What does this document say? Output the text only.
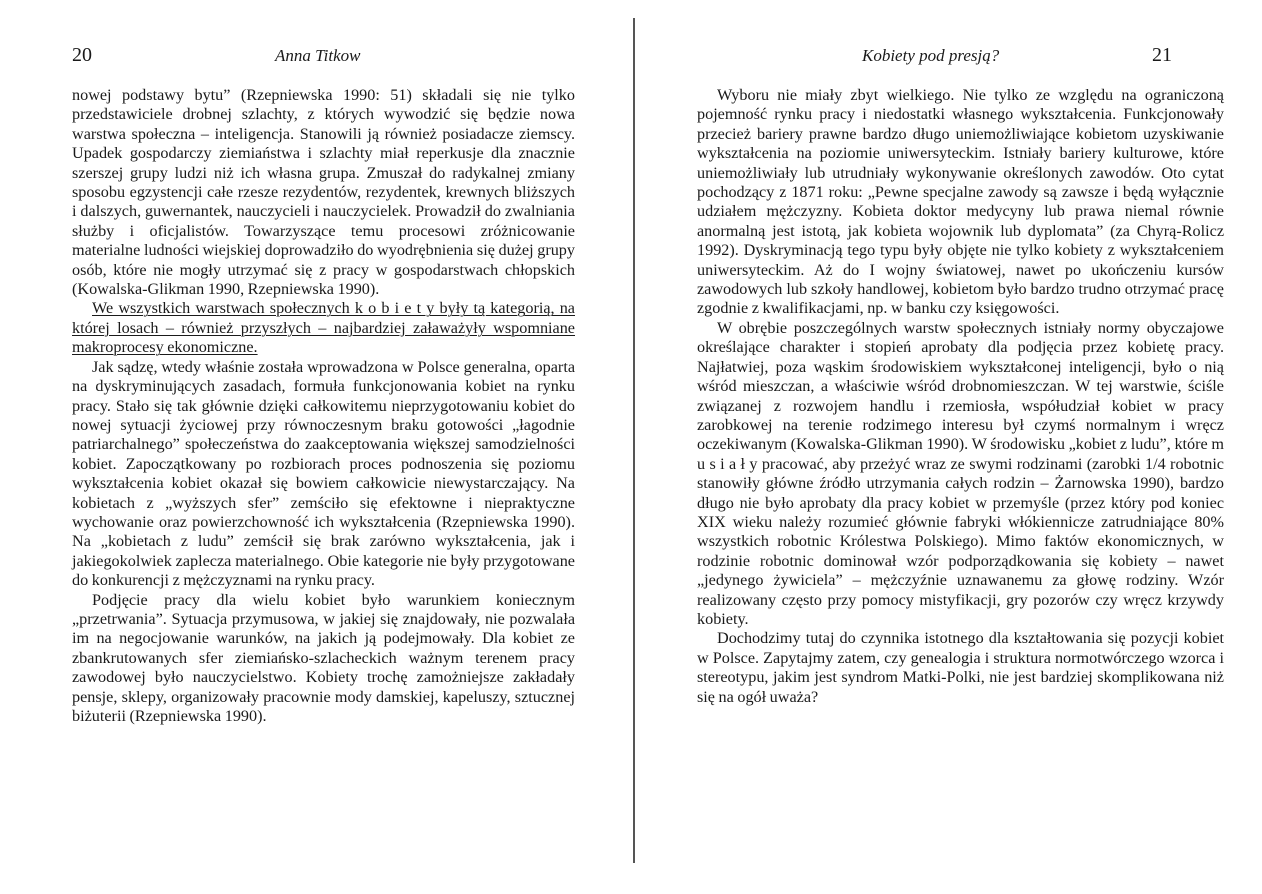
20	Anna Titkow

nowej podstawy bytu” (Rzepniewska 1990: 51) składali się nie tylko przedstawiciele drobnej szlachty, z których wywodzić się będzie nowa warstwa społeczna – inteligencja. Stanowili ją również posiadacze ziemscy. Upadek gospodarczy ziemiaństwa i szlachty miał reperkusje dla znacznie szerszej grupy ludzi niż ich własna grupa. Zmuszał do radykalnej zmiany sposobu egzystencji całe rzesze rezydentów, rezydentek, krewnych bliższych i dalszych, guwernantek, nauczycieli i nauczycielek. Prowadził do zwalniania służby i oficjalistów. Towarzyszące temu procesowi zróżnicowanie materialne ludności wiejskiej doprowadziło do wyodrębnienia się dużej grupy osób, które nie mogły utrzymać się z pracy w gospodarstwach chłopskich (Kowalska-Glikman 1990, Rzepniewska 1990).

We wszystkich warstwach społecznych k o b i e t y były tą kategorią, na której losach – również przyszłych – najbardziej załaważyły wspomniane makroprocesy ekonomiczne.

Jak sądzę, wtedy właśnie została wprowadzona w Polsce generalna, oparta na dyskryminujących zasadach, formuła funkcjonowania kobiet na rynku pracy. Stało się tak głównie dzięki całkowitemu nieprzygotowaniu kobiet do nowej sytuacji życiowej przy równoczesnym braku gotowości „łagodnie patriarchalnego” społeczeństwa do zaakceptowania większej samodzielności kobiet. Zapoczątkowany po rozbiorach proces podnoszenia się poziomu wykształcenia kobiet okazał się bowiem całkowicie niewystarczający. Na kobietach z „wyższych sfer” zemściło się efektowne i niepraktyczne wychowanie oraz powierzchowność ich wykształcenia (Rzepniewska 1990). Na „kobietach z ludu” zemścił się brak zarówno wykształcenia, jak i jakiegokolwiek zaplecza materialnego. Obie kategorie nie były przygotowane do konkurencji z mężczyznami na rynku pracy.

Podjęcie pracy dla wielu kobiet było warunkiem koniecznym „przetrwania”. Sytuacja przymusowa, w jakiej się znajdowały, nie pozwalała im na negocjowanie warunków, na jakich ją podejmowały. Dla kobiet ze zbankrutowanych sfer ziemiańsko-szlacheckich ważnym terenem pracy zawodowej było nauczycielstwo. Kobiety trochę zamożniejsze zakładały pensje, sklepy, organizowały pracownie mody damskiej, kapeluszy, sztucznej biżuterii (Rzepniewska 1990).

Kobiety pod presją?	21

Wyboru nie miały zbyt wielkiego. Nie tylko ze względu na ograniczoną pojemność rynku pracy i niedostatki własnego wykształcenia. Funkcjonowały przecież bariery prawne bardzo długo uniemożliwiające kobietom uzyskiwanie wykształcenia na poziomie uniwersyteckim. Istniały bariery kulturowe, które uniemożliwiały lub utrudniały wykonywanie określonych zawodów. Oto cytat pochodzący z 1871 roku: „Pewne specjalne zawody są zawsze i będą wyłącznie udziałem mężczyzny. Kobieta doktor medycyny lub prawa niemal równie anormalną jest istotą, jak kobieta wojownik lub dyplomata” (za Chyrą-Rolicz 1992). Dyskryminacją tego typu były objęte nie tylko kobiety z wykształceniem uniwersyteckim. Aż do I wojny światowej, nawet po ukończeniu kursów zawodowych lub szkoły handlowej, kobietom było bardzo trudno otrzymać pracę zgodnie z kwalifikacjami, np. w banku czy księgowości.

W obrębie poszczególnych warstw społecznych istniały normy obyczajowe określające charakter i stopień aprobaty dla podjęcia przez kobietę pracy. Najłatwiej, poza wąskim środowiskiem wykształconej inteligencji, było o nią wśród mieszczan, a właściwie wśród drobnomieszczan. W tej warstwie, ściśle związanej z rozwojem handlu i rzemiosła, współudział kobiet w pracy zarobkowej na terenie rodzimego interesu był czymś normalnym i wręcz oczekiwanym (Kowalska-Glikman 1990). W środowisku „kobiet z ludu”, które m u s i a ł y pracować, aby przeżyć wraz ze swymi rodzinami (zarobki 1/4 robotnic stanowiły główne źródło utrzymania całych rodzin – Żarnowska 1990), bardzo długo nie było aprobaty dla pracy kobiet w przemyśle (przez który pod koniec XIX wieku należy rozumieć głównie fabryki włókiennicze zatrudniające 80% wszystkich robotnic Królestwa Polskiego). Mimo faktów ekonomicznych, w rodzinie robotnic dominował wzór podporządkowania się kobiety – nawet „jedynego żywiciela” – mężczyźnie uznawanemu za głowę rodziny. Wzór realizowany często przy pomocy mistyfikacji, gry pozorów czy wręcz krzywdy kobiety.

Dochodzimy tutaj do czynnika istotnego dla kształtowania się pozycji kobiet w Polsce. Zapytajmy zatem, czy genealogia i struktura normotwórczego wzorca i stereotypu, jakim jest syndrom Matki-Polki, nie jest bardziej skomplikowana niż się na ogół uważa?
